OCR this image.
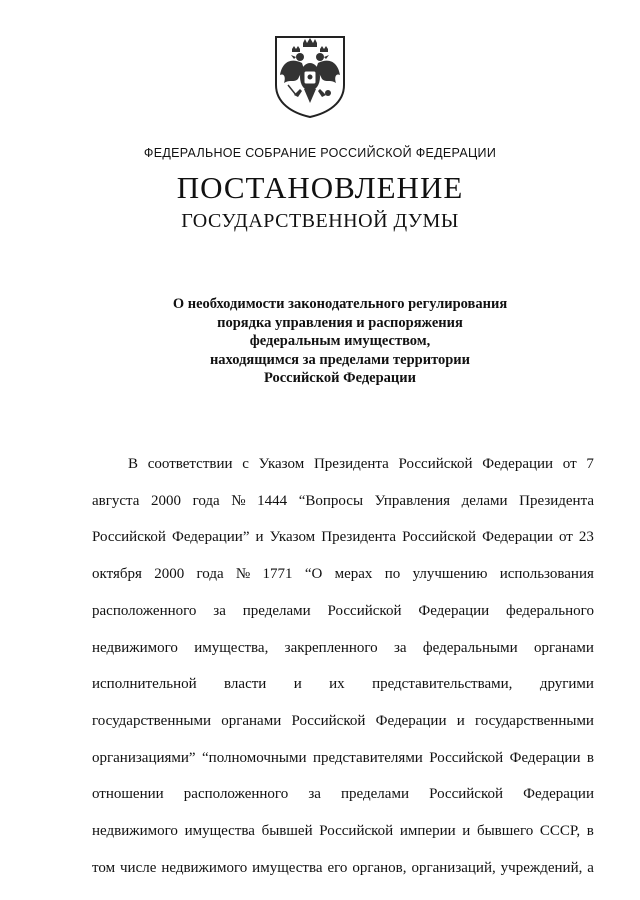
ФЕДЕРАЛЬНОЕ СОБРАНИЕ РОССИЙСКОЙ ФЕДЕРАЦИИ
ПОСТАНОВЛЕНИЕ
ГОСУДАРСТВЕННОЙ ДУМЫ
О необходимости законодательного регулирования
порядка управления и распоряжения
федеральным имуществом,
находящимся за пределами территории
Российской Федерации
В соответствии с Указом Президента Российской Федерации от 7
августа 2000 года № 1444 “Вопросы Управления делами Президента
Российской Федерации” и Указом Президента Российской Федерации от 23
октября 2000 года № 1771 “О мерах по улучшению использования
расположенного за пределами Российской Федерации федерального
недвижимого имущества, закрепленного за федеральными органами
исполнительной власти и их представительствами, другими
государственными органами Российской Федерации и государственными
организациями” “полномочными представителями Российской Федерации в
отношении расположенного за пределами Российской Федерации
недвижимого имущества бывшей Российской империи и бывшего СССР, в
том числе недвижимого имущества его органов, организаций, учреждений, а
